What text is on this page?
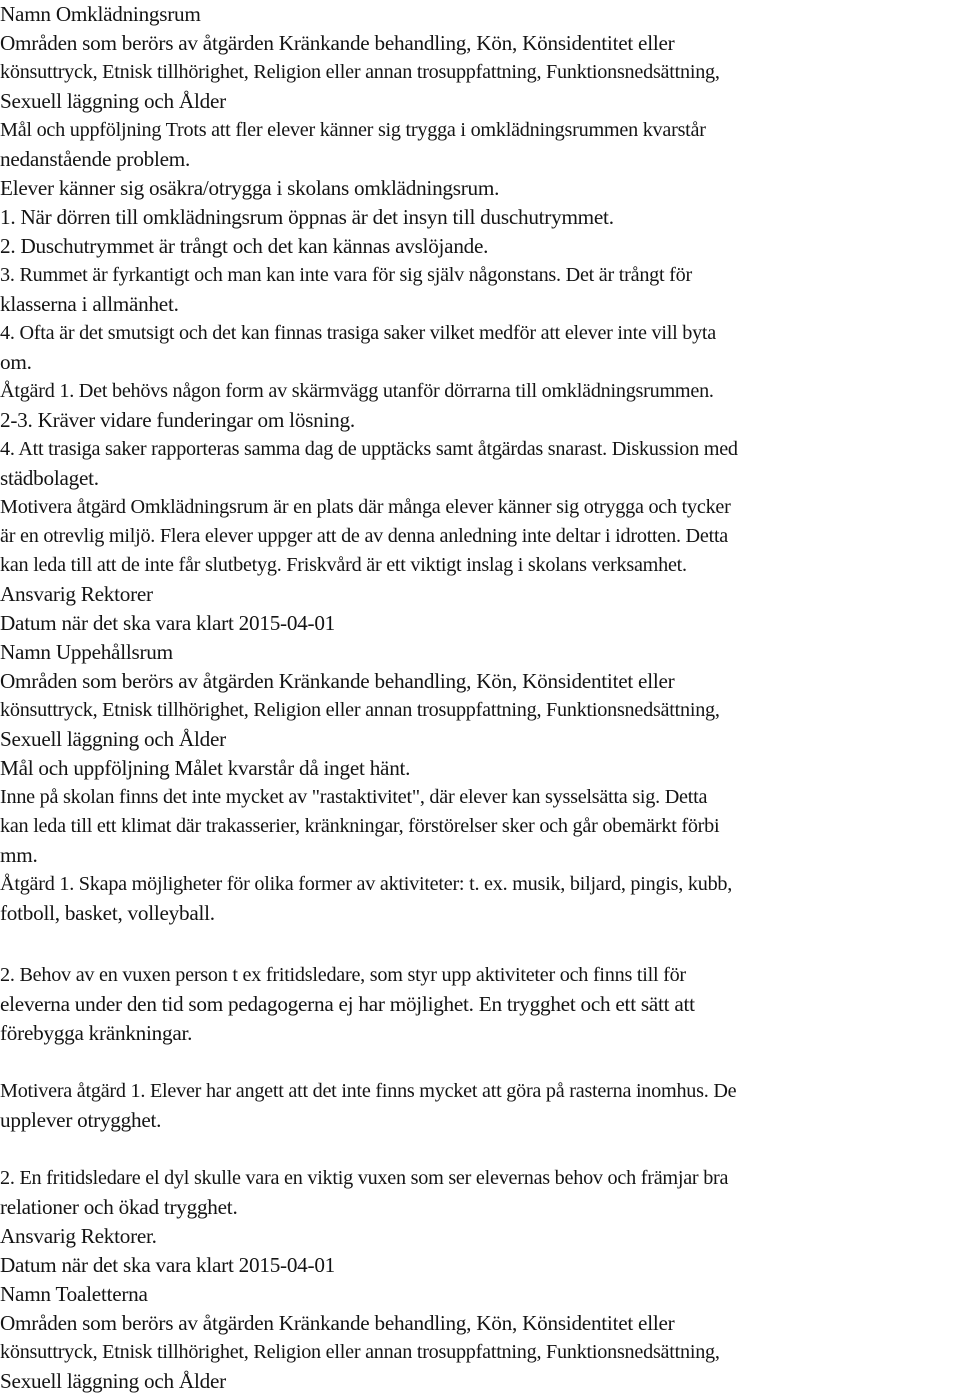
Namn Omklädningsrum
Områden som berörs av åtgärden Kränkande behandling, Kön, Könsidentitet eller
könsuttryck, Etnisk tillhörighet, Religion eller annan trosuppfattning, Funktionsnedsättning,
Sexuell läggning och Ålder
Mål och uppföljning Trots att fler elever känner sig trygga i omklädningsrummen kvarstår
nedanstående problem.
Elever känner sig osäkra/otrygga i skolans omklädningsrum.
1. När dörren till omklädningsrum öppnas är det insyn till duschutrymmet.
2. Duschutrymmet är trångt och det kan kännas avslöjande.
3. Rummet är fyrkantigt och man kan inte vara för sig själv någonstans. Det är trångt för
klasserna i allmänhet.
4. Ofta är det smutsigt och det kan finnas trasiga saker vilket medför att elever inte vill byta
om.
Åtgärd 1. Det behövs någon form av skärmvägg utanför dörrarna till omklädningsrummen.
2-3. Kräver vidare funderingar om lösning.
4. Att trasiga saker rapporteras samma dag de upptäcks samt åtgärdas snarast. Diskussion med
städbolaget.
Motivera åtgärd Omklädningsrum är en plats där många elever känner sig otrygga och tycker
är en otrevlig miljö. Flera elever uppger att de av denna anledning inte deltar i idrotten. Detta
kan leda till att de inte får slutbetyg. Friskvård är ett viktigt inslag i skolans verksamhet.
Ansvarig Rektorer
Datum när det ska vara klart 2015-04-01
Namn Uppehållsrum
Områden som berörs av åtgärden Kränkande behandling, Kön, Könsidentitet eller
könsuttryck, Etnisk tillhörighet, Religion eller annan trosuppfattning, Funktionsnedsättning,
Sexuell läggning och Ålder
Mål och uppföljning Målet kvarstår då inget hänt.
Inne på skolan finns det inte mycket av "rastaktivitet", där elever kan sysselsätta sig. Detta
kan leda till ett klimat där trakasserier, kränkningar, förstörelser sker och går obemärkt förbi
mm.
Åtgärd 1. Skapa möjligheter för olika former av aktiviteter: t. ex. musik, biljard, pingis, kubb,
fotboll, basket, volleyball.
2. Behov av en vuxen person t ex fritidsledare, som styr upp aktiviteter och finns till för
eleverna under den tid som pedagogerna ej har möjlighet. En trygghet och ett sätt att
förebygga kränkningar.
Motivera åtgärd 1. Elever har angett att det inte finns mycket att göra på rasterna inomhus. De
upplever otrygghet.
2. En fritidsledare el dyl skulle vara en viktig vuxen som ser elevernas behov och främjar bra
relationer och ökad trygghet.
Ansvarig Rektorer.
Datum när det ska vara klart 2015-04-01
Namn Toaletterna
Områden som berörs av åtgärden Kränkande behandling, Kön, Könsidentitet eller
könsuttryck, Etnisk tillhörighet, Religion eller annan trosuppfattning, Funktionsnedsättning,
Sexuell läggning och Ålder
